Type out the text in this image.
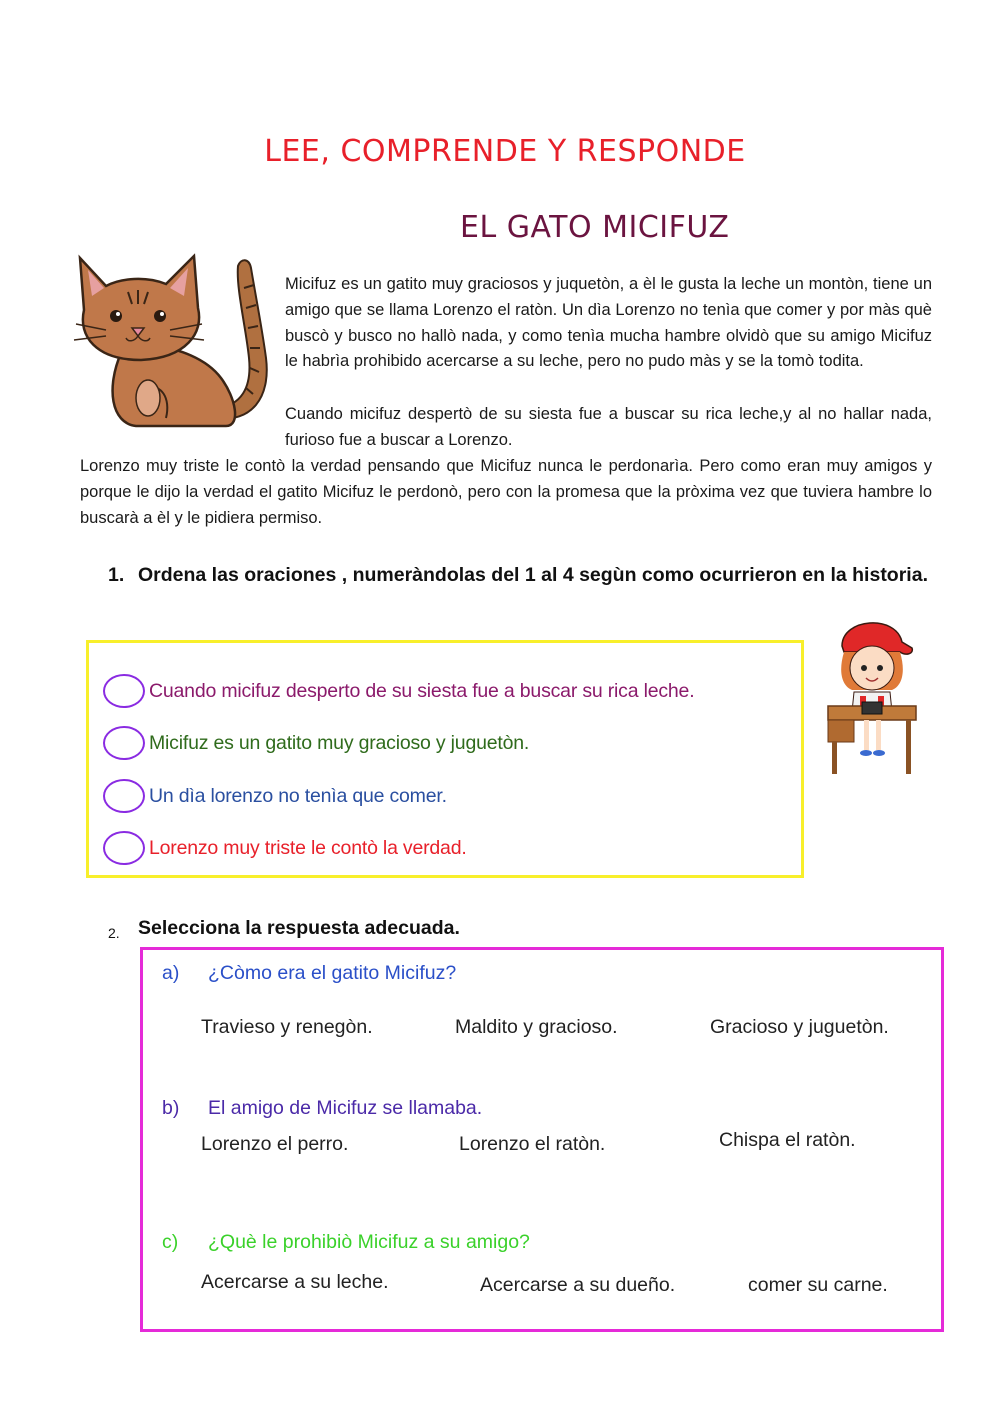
LEE, COMPRENDE Y RESPONDE
EL GATO MICIFUZ

Micifuz es un gatito muy graciosos y juquetòn, a èl le gusta la leche un montòn, tiene un amigo que se llama Lorenzo el ratòn. Un dìa Lorenzo no tenìa que comer y por màs què buscò y busco no hallò nada, y como tenìa mucha hambre olvidò que su amigo Micifuz le habrìa prohibido acercarse a su leche, pero no pudo màs y se la tomò todita.

Cuando micifuz despertò de su siesta fue a buscar su rica leche,y al no hallar nada, furioso fue a buscar a Lorenzo.

Lorenzo muy triste le contò la verdad pensando que Micifuz nunca le perdonarìa. Pero como eran muy amigos y porque le dijo la verdad el gatito Micifuz le perdonò, pero con la promesa que la pròxima vez que tuviera hambre lo buscarà a èl y le pidiera permiso.

1. Ordena las oraciones , numeràndolas del 1 al 4 segùn como ocurrieron en la historia.
Cuando micifuz desperto de su siesta fue a buscar su rica leche.
Micifuz es un gatito muy gracioso y juguetòn.
Un dìa lorenzo no tenìa que comer.
Lorenzo muy triste le contò la verdad.
2. Selecciona la respuesta adecuada.
a) ¿Còmo era el gatito Micifuz?
Travieso y renegòn.	Maldito y gracioso.	Gracioso y juguetòn.
b) El amigo de Micifuz se llamaba.
Lorenzo el perro.	Lorenzo el ratòn.	Chispa el ratòn.
c) ¿Què le prohibiò Micifuz a su amigo?
Acercarse a su leche.	Acercarse a su dueño.	comer su carne.
